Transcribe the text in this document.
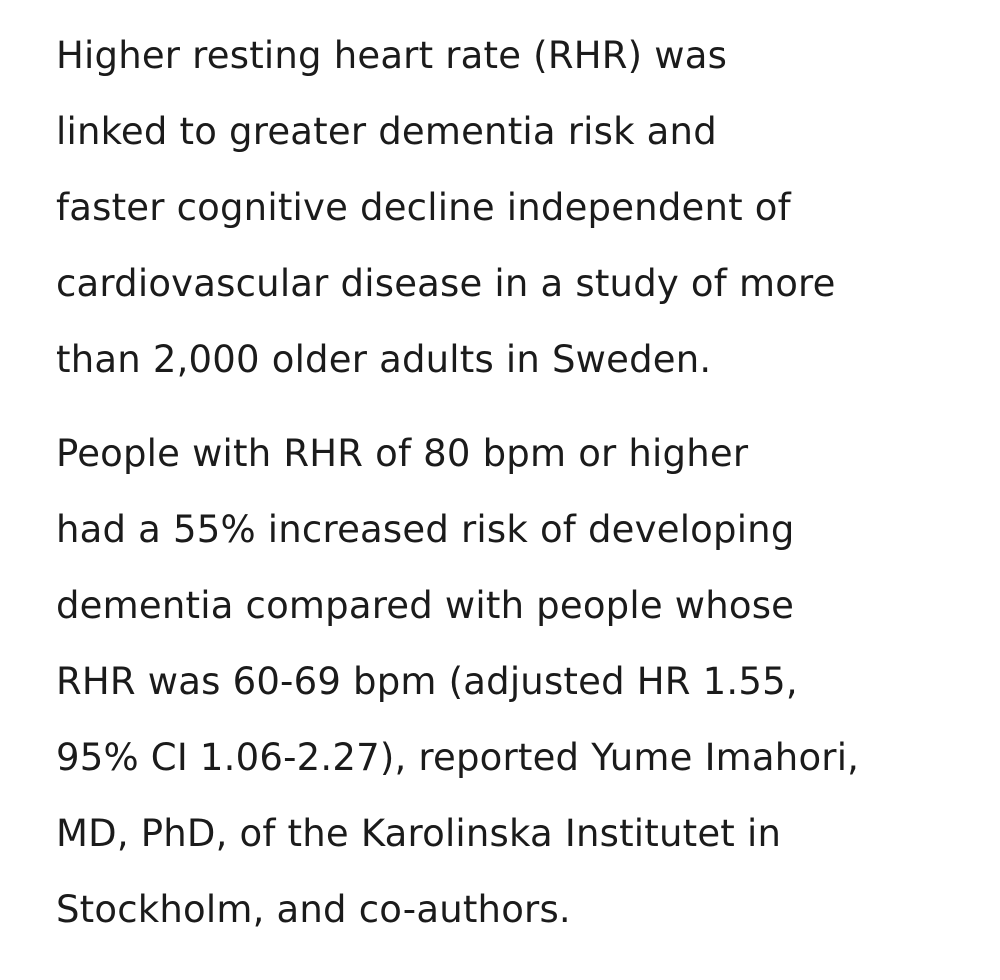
Higher resting heart rate (RHR) was
linked to greater dementia risk and
faster cognitive decline independent of
cardiovascular disease in a study of more
than 2,000 older adults in Sweden.

People with RHR of 80 bpm or higher
had a 55% increased risk of developing
dementia compared with people whose
RHR was 60-69 bpm (adjusted HR 1.55,
95% CI 1.06-2.27), reported Yume Imahori,
MD, PhD, of the Karolinska Institutet in
Stockholm, and co-authors.
